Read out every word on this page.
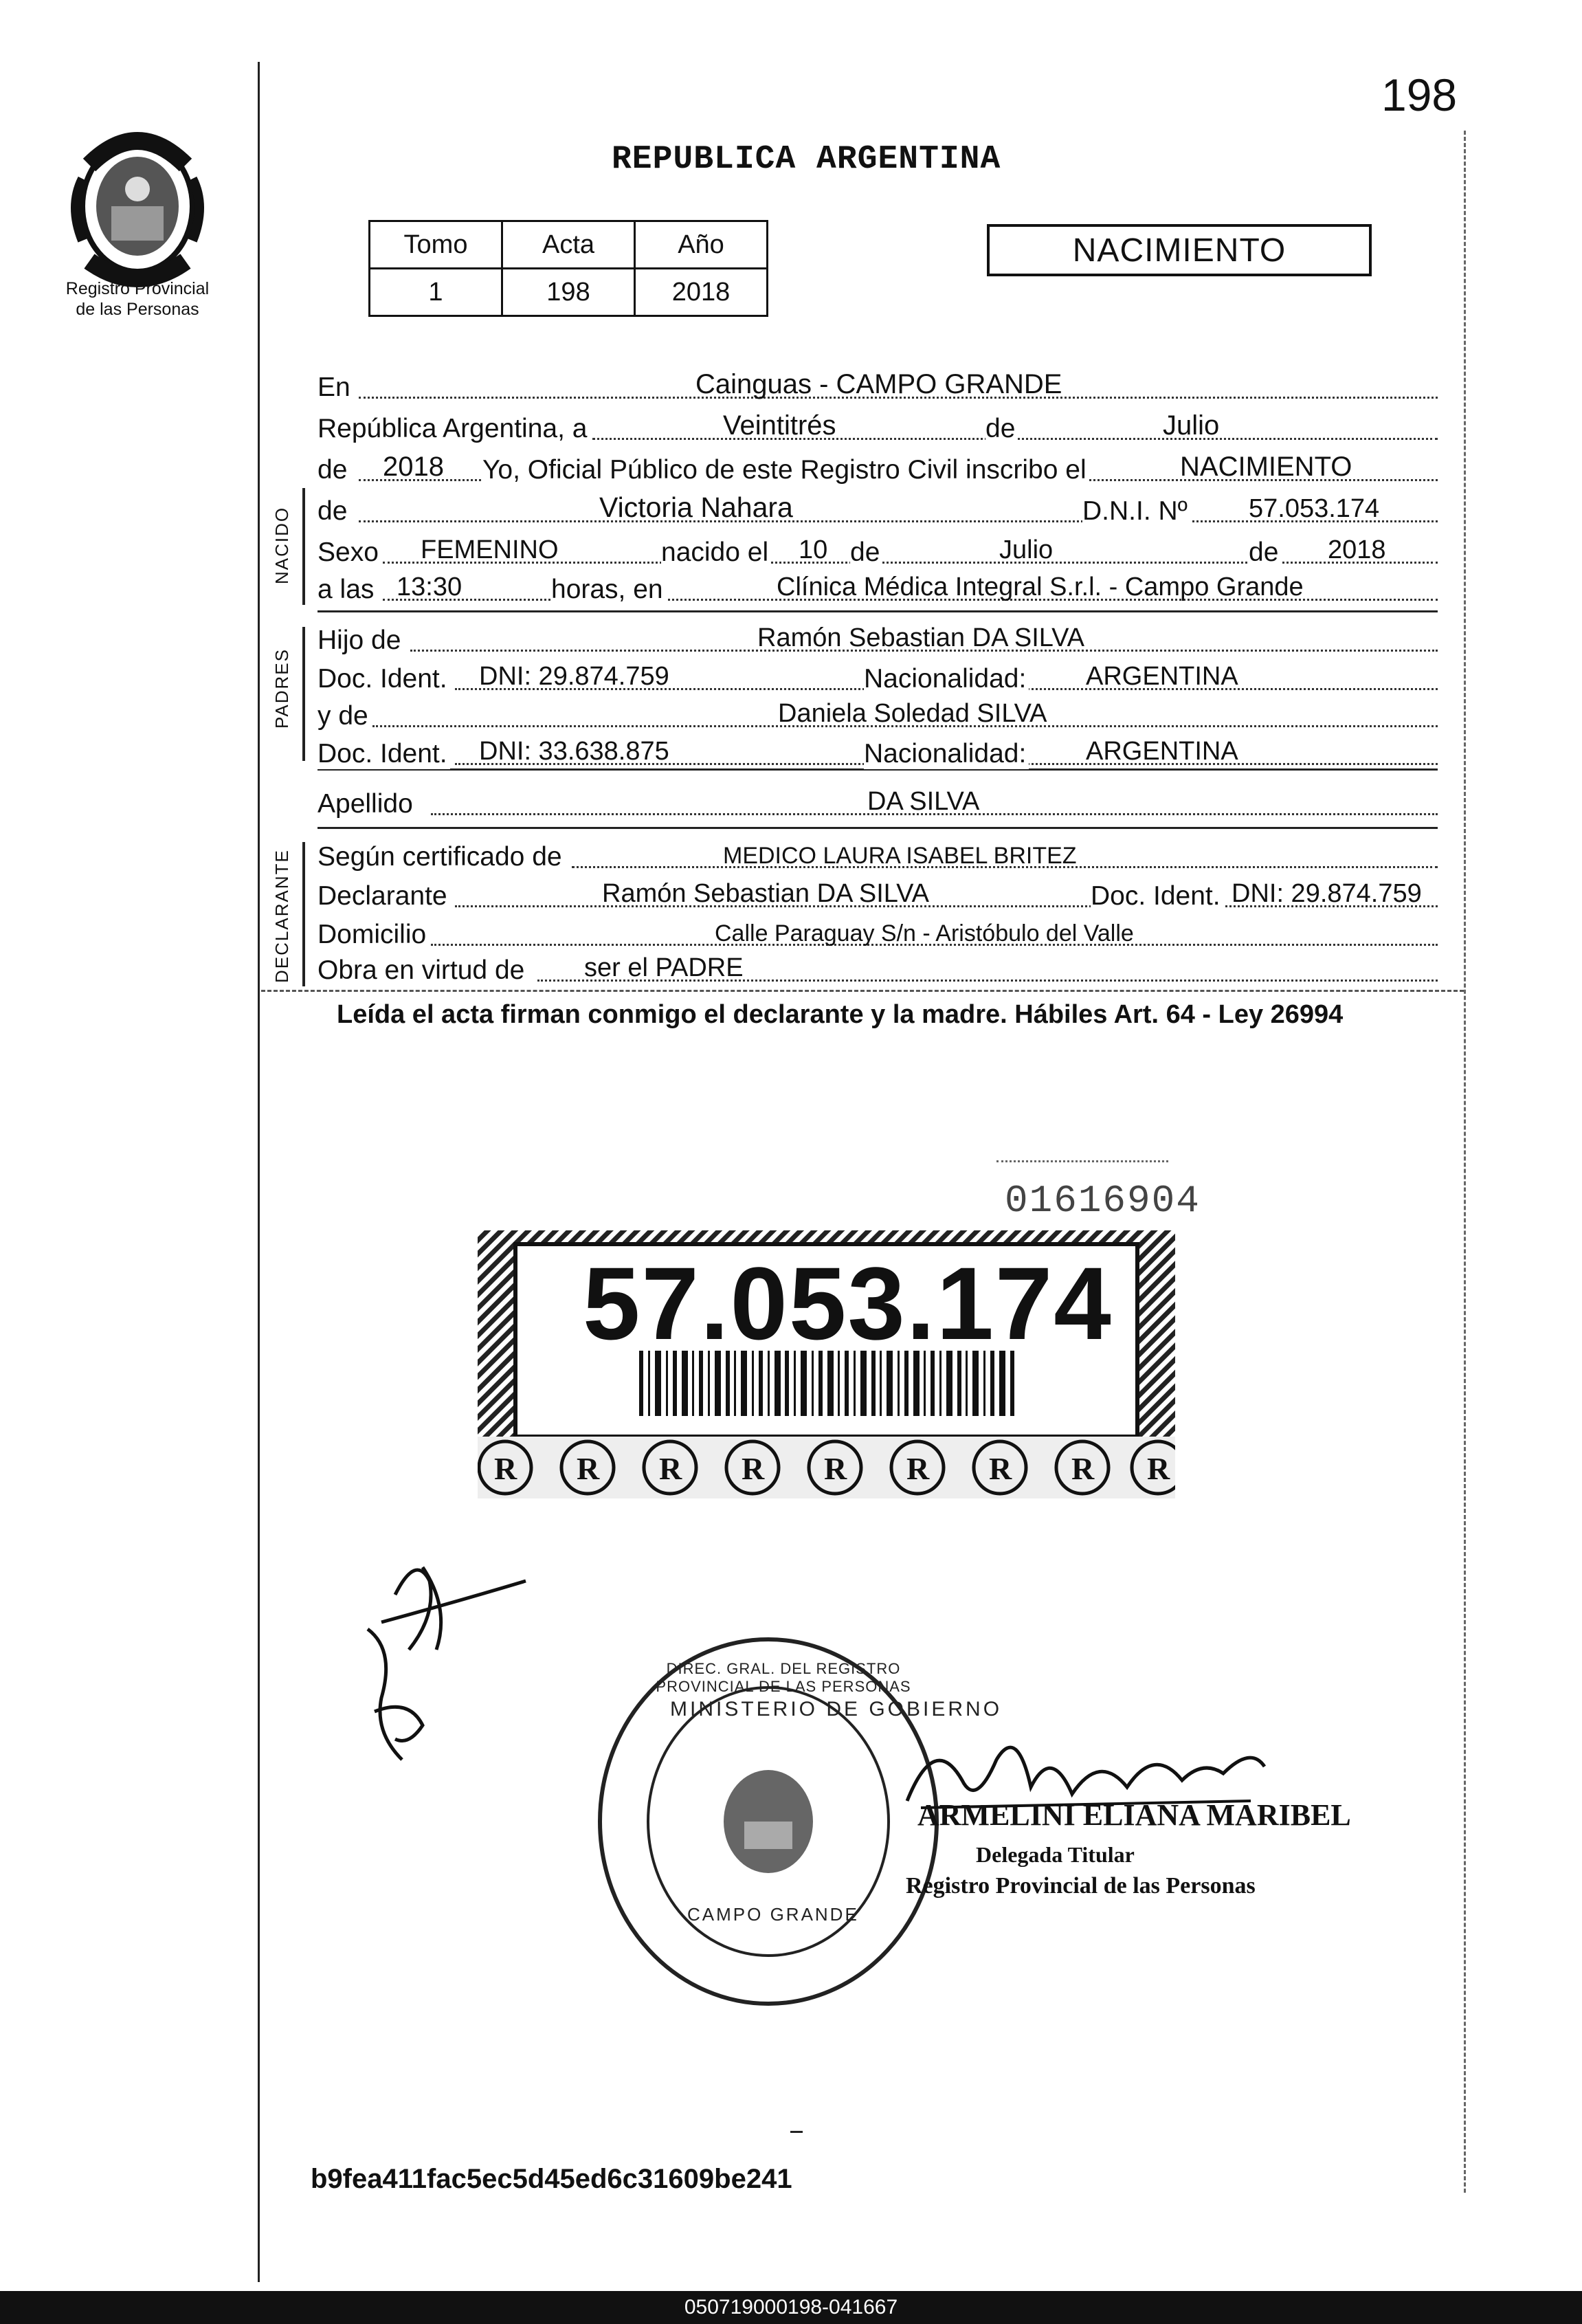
198
Registro Provincial
de las Personas
REPUBLICA ARGENTINA
Tomo	Acta	Año
1	198	2018
NACIMIENTO
En	Cainguas - CAMPO GRANDE
República Argentina, a	Veintitrés	de	Julio
de 2018 Yo, Oficial Público de este Registro Civil inscribo el	NACIMIENTO
NACIDO de	Victoria Nahara	D.N.I. Nº 57.053.174
Sexo FEMENINO	nacido el 10 de	Julio	de 2018
a las 13:30	horas, en	Clínica Médica Integral S.r.l. - Campo Grande
PADRES
Hijo de	Ramón Sebastian DA SILVA
Doc. Ident. DNI: 29.874.759	Nacionalidad: ARGENTINA
y de	Daniela Soledad SILVA
Doc. Ident. DNI: 33.638.875	Nacionalidad: ARGENTINA
Apellido	DA SILVA
DECLARANTE Según certificado de	MEDICO LAURA ISABEL BRITEZ
Declarante	Ramón Sebastian DA SILVA	Doc. Ident. DNI: 29.874.759
Domicilio	Calle Paraguay S/n - Aristóbulo del Valle
Obra en virtud de ser el PADRE
Leída el acta firman conmigo el declarante y la madre. Hábiles Art. 64 - Ley 26994
01616904
R R R R R R R R R
57.053.174
MINISTERIO DE GOBIERNO
DIREC. GRAL. DEL REGISTRO PROVINCIAL DE LAS PERSONAS
CAMPO GRANDE
ARMELINI ELIANA MARIBEL
Delegada Titular
Registro Provincial de las Personas
b9fea411fac5ec5d45ed6c31609be241
050719000198-041667
